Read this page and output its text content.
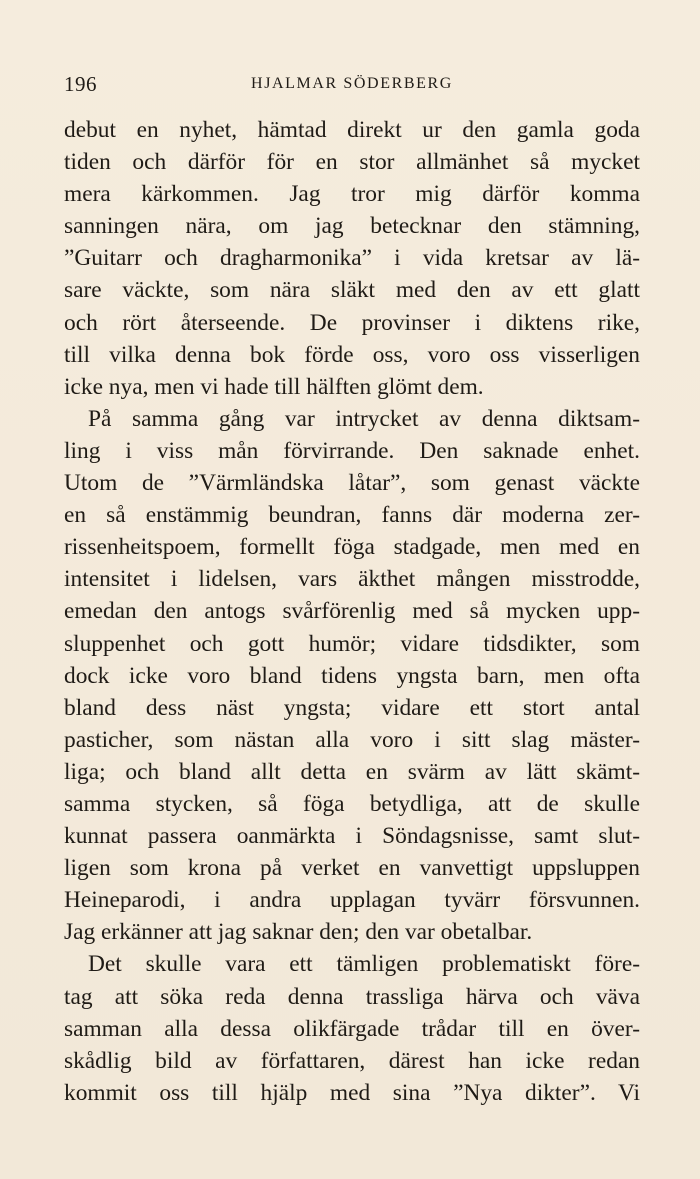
196	HJALMAR SÖDERBERG
debut en nyhet, hämtad direkt ur den gamla goda
tiden och därför för en stor allmänhet så mycket
mera kärkommen. Jag tror mig därför komma
sanningen nära, om jag betecknar den stämning,
”Guitarr och dragharmonika” i vida kretsar av lä-
sare väckte, som nära släkt med den av ett glatt
och rört återseende. De provinser i diktens rike,
till vilka denna bok förde oss, voro oss visserligen
icke nya, men vi hade till hälften glömt dem.
På samma gång var intrycket av denna diktsam-
ling i viss mån förvirrande. Den saknade enhet.
Utom de ”Värmländska låtar”, som genast väckte
en så enstämmig beundran, fanns där moderna zer-
rissenheitspoem, formellt föga stadgade, men med en
intensitet i lidelsen, vars äkthet mången misstrodde,
emedan den antogs svårförenlig med så mycken upp-
sluppenhet och gott humör; vidare tidsdikter, som
dock icke voro bland tidens yngsta barn, men ofta
bland dess näst yngsta; vidare ett stort antal
pasticher, som nästan alla voro i sitt slag mäster-
liga; och bland allt detta en svärm av lätt skämt-
samma stycken, så föga betydliga, att de skulle
kunnat passera oanmärkta i Söndagsnisse, samt slut-
ligen som krona på verket en vanvettigt uppsluppen
Heineparodi, i andra upplagan tyvärr försvunnen.
Jag erkänner att jag saknar den; den var obetalbar.
Det skulle vara ett tämligen problematiskt före-
tag att söka reda denna trassliga härva och väva
samman alla dessa olikfärgade trådar till en över-
skådlig bild av författaren, därest han icke redan
kommit oss till hjälp med sina ”Nya dikter”. Vi
